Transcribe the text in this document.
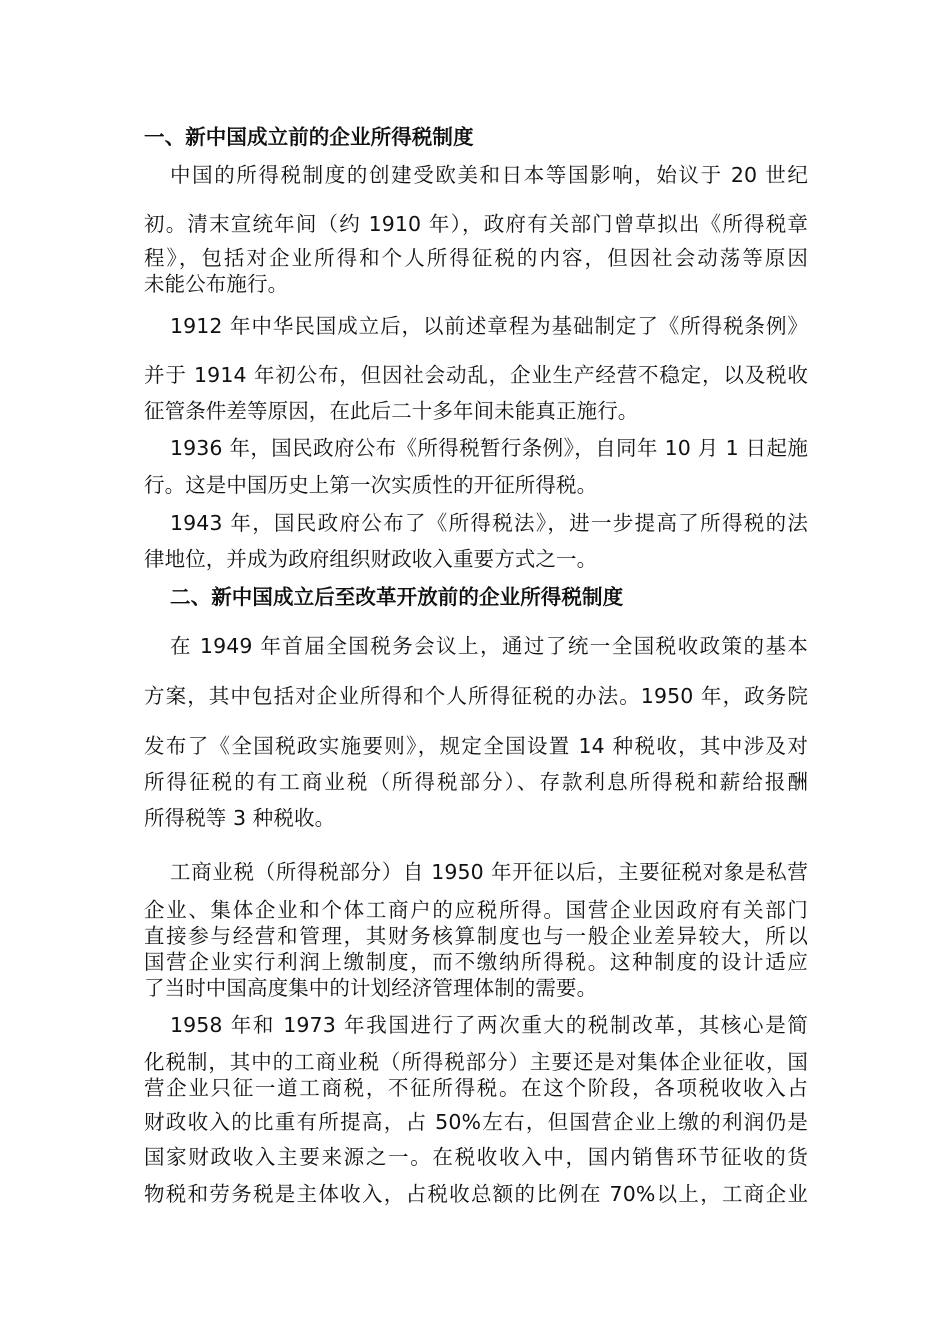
一、新中国成立前的企业所得税制度
中国的所得税制度的创建受欧美和日本等国影响，始议于 20 世纪
初。清末宣统年间（约 1910 年），政府有关部门曾草拟出《所得税章
程》，包括对企业所得和个人所得征税的内容，但因社会动荡等原因
未能公布施行。
1912 年中华民国成立后，以前述章程为基础制定了《所得税条例》
并于 1914 年初公布，但因社会动乱，企业生产经营不稳定，以及税收
征管条件差等原因，在此后二十多年间未能真正施行。
1936 年，国民政府公布《所得税暂行条例》，自同年 10 月 1 日起施
行。这是中国历史上第一次实质性的开征所得税。
1943 年，国民政府公布了《所得税法》，进一步提高了所得税的法
律地位，并成为政府组织财政收入重要方式之一。
二、新中国成立后至改革开放前的企业所得税制度
在 1949 年首届全国税务会议上，通过了统一全国税收政策的基本
方案，其中包括对企业所得和个人所得征税的办法。1950 年，政务院
发布了《全国税政实施要则》，规定全国设置 14 种税收，其中涉及对
所得征税的有工商业税（所得税部分）、存款利息所得税和薪给报酬
所得税等 3 种税收。
工商业税（所得税部分）自 1950 年开征以后，主要征税对象是私营
企业、集体企业和个体工商户的应税所得。国营企业因政府有关部门
直接参与经营和管理，其财务核算制度也与一般企业差异较大，所以
国营企业实行利润上缴制度，而不缴纳所得税。这种制度的设计适应
了当时中国高度集中的计划经济管理体制的需要。
1958 年和 1973 年我国进行了两次重大的税制改革，其核心是简
化税制，其中的工商业税（所得税部分）主要还是对集体企业征收，国
营企业只征一道工商税，不征所得税。在这个阶段，各项税收收入占
财政收入的比重有所提高，占 50%左右，但国营企业上缴的利润仍是
国家财政收入主要来源之一。在税收收入中，国内销售环节征收的货
物税和劳务税是主体收入，占税收总额的比例在 70%以上，工商企业
